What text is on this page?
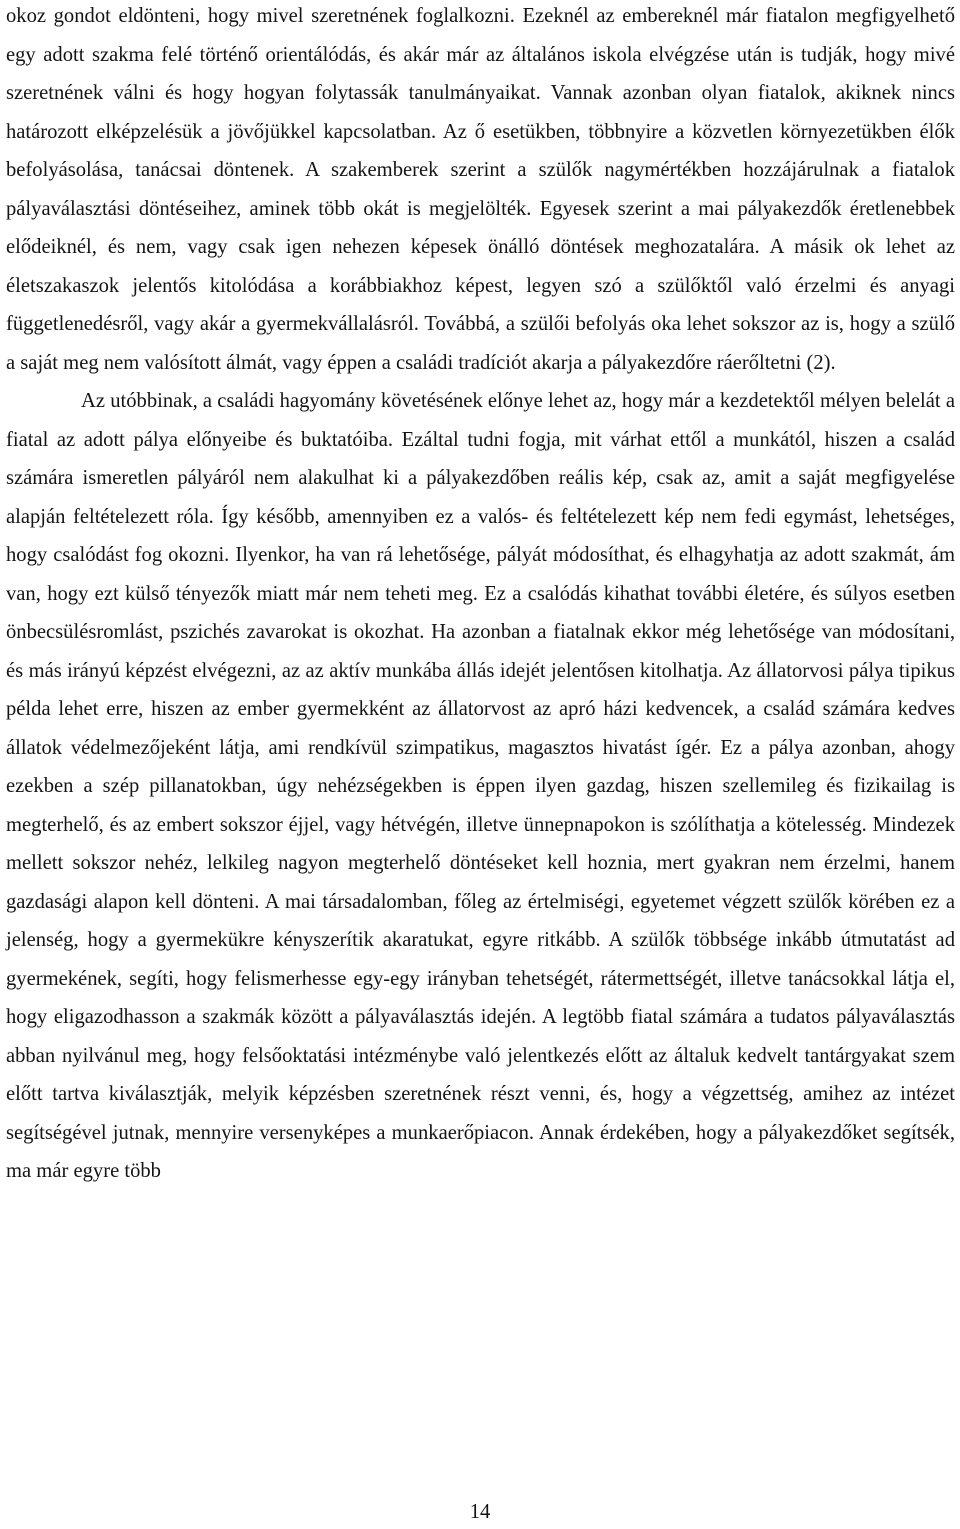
okoz gondot eldönteni, hogy mivel szeretnének foglalkozni. Ezeknél az embereknél már fiatalon megfigyelhető egy adott szakma felé történő orientálódás, és akár már az általános iskola elvégzése után is tudják, hogy mivé szeretnének válni és hogy hogyan folytassák tanulmányaikat. Vannak azonban olyan fiatalok, akiknek nincs határozott elképzelésük a jövőjükkel kapcsolatban. Az ő esetükben, többnyire a közvetlen környezetükben élők befolyásolása, tanácsai döntenek. A szakemberek szerint a szülők nagymértékben hozzájárulnak a fiatalok pályaválasztási döntéseihez, aminek több okát is megjelölték. Egyesek szerint a mai pályakezdők éretlenebbek elődeiknél, és nem, vagy csak igen nehezen képesek önálló döntések meghozatalára. A másik ok lehet az életszakaszok jelentős kitolódása a korábbiakhoz képest, legyen szó a szülőktől való érzelmi és anyagi függetlenedésről, vagy akár a gyermekvállalásról. Továbbá, a szülői befolyás oka lehet sokszor az is, hogy a szülő a saját meg nem valósított álmát, vagy éppen a családi tradíciót akarja a pályakezdőre ráerőltetni (2).

Az utóbbinak, a családi hagyomány követésének előnye lehet az, hogy már a kezdetektől mélyen belelát a fiatal az adott pálya előnyeibe és buktatóiba. Ezáltal tudni fogja, mit várhat ettől a munkától, hiszen a család számára ismeretlen pályáról nem alakulhat ki a pályakezdőben reális kép, csak az, amit a saját megfigyelése alapján feltételezett róla. Így később, amennyiben ez a valós- és feltételezett kép nem fedi egymást, lehetséges, hogy csalódást fog okozni. Ilyenkor, ha van rá lehetősége, pályát módosíthat, és elhagyhatja az adott szakmát, ám van, hogy ezt külső tényezők miatt már nem teheti meg. Ez a csalódás kihathat további életére, és súlyos esetben önbecsülésromlást, pszichés zavarokat is okozhat. Ha azonban a fiatalnak ekkor még lehetősége van módosítani, és más irányú képzést elvégezni, az az aktív munkába állás idejét jelentősen kitolhatja. Az állatorvosi pálya tipikus példa lehet erre, hiszen az ember gyermekként az állatorvost az apró házi kedvencek, a család számára kedves állatok védelmezőjeként látja, ami rendkívül szimpatikus, magasztos hivatást ígér. Ez a pálya azonban, ahogy ezekben a szép pillanatokban, úgy nehézségekben is éppen ilyen gazdag, hiszen szellemileg és fizikailag is megterhelő, és az embert sokszor éjjel, vagy hétvégén, illetve ünnepnapokon is szólíthatja a kötelesség. Mindezek mellett sokszor nehéz, lelkileg nagyon megterhelő döntéseket kell hoznia, mert gyakran nem érzelmi, hanem gazdasági alapon kell dönteni. A mai társadalomban, főleg az értelmiségi, egyetemet végzett szülők körében ez a jelenség, hogy a gyermekükre kényszerítik akaratukat, egyre ritkább. A szülők többsége inkább útmutatást ad gyermekének, segíti, hogy felismerhesse egy-egy irányban tehetségét, rátermettségét, illetve tanácsokkal látja el, hogy eligazodhasson a szakmák között a pályaválasztás idején. A legtöbb fiatal számára a tudatos pályaválasztás abban nyilvánul meg, hogy felsőoktatási intézménybe való jelentkezés előtt az általuk kedvelt tantárgyakat szem előtt tartva kiválasztják, melyik képzésben szeretnének részt venni, és, hogy a végzettség, amihez az intézet segítségével jutnak, mennyire versenyképes a munkaerőpiacon. Annak érdekében, hogy a pályakezdőket segítsék, ma már egyre több

14
